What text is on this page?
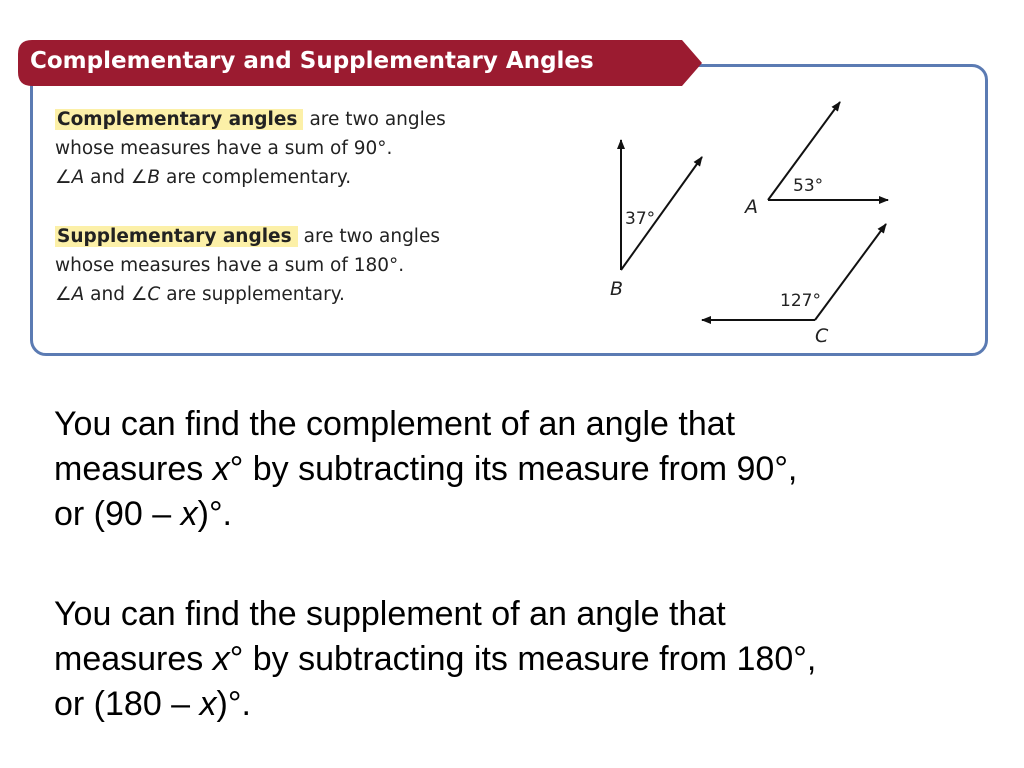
Complementary and Supplementary Angles

Complementary angles are two angles

whose measures have a sum of 90°.

∠A and ∠B are complementary.

Supplementary angles are two angles

whose measures have a sum of 180°.

∠A and ∠C are supplementary.

37°
B
53°
A
127°
C

You can find the complement of an angle that

measures x° by subtracting its measure from 90°,

or (90 – x)°.

You can find the supplement of an angle that

measures x° by subtracting its measure from 180°,

or (180 – x)°.
